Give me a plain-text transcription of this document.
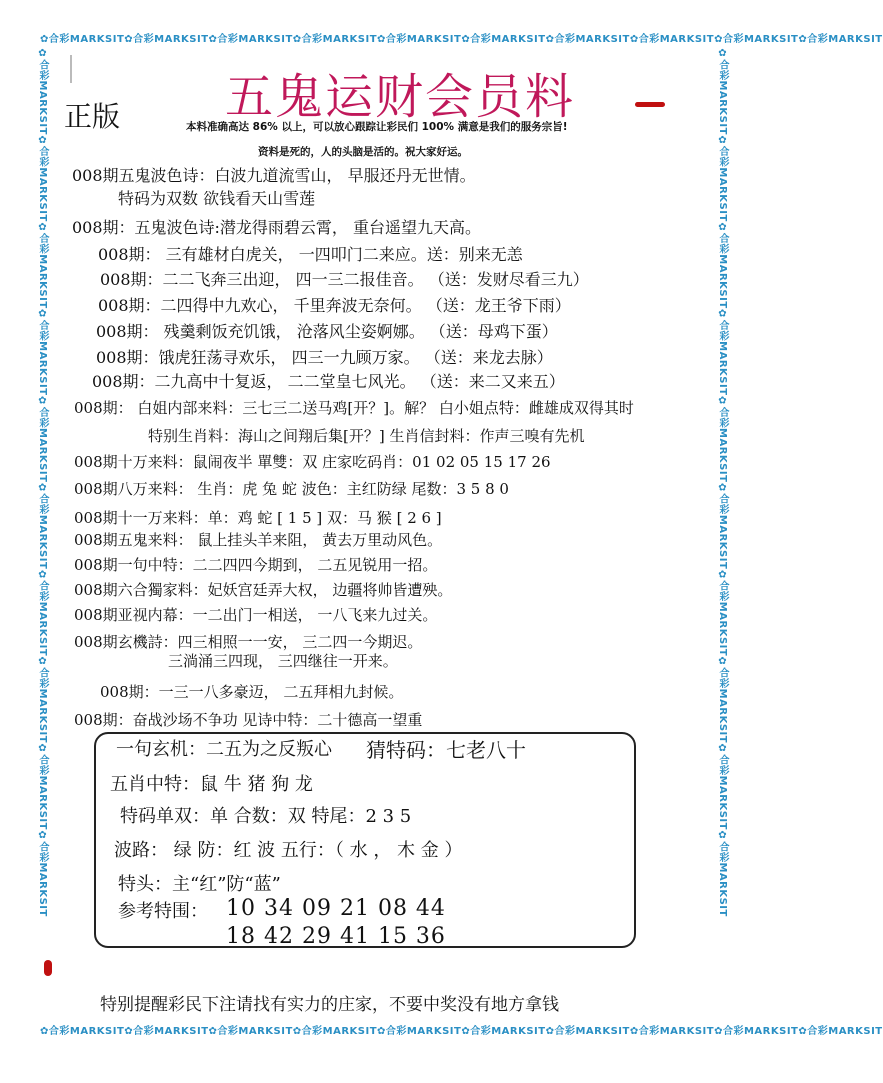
✿合彩MARKSIT✿合彩MARKSIT✿合彩MARKSIT✿合彩MARKSIT✿合彩MARKSIT✿合彩MARKSIT✿合彩MARKSIT✿合彩MARKSIT✿合彩MARKSIT✿合彩MARKSIT
✿合彩MARKSIT✿合彩MARKSIT✿合彩MARKSIT✿合彩MARKSIT✿合彩MARKSIT✿合彩MARKSIT✿合彩MARKSIT✿合彩MARKSIT✿合彩MARKSIT✿合彩MARKSIT
✿合彩MARKSIT✿合彩MARKSIT✿合彩MARKSIT✿合彩MARKSIT✿合彩MARKSIT✿合彩MARKSIT✿合彩MARKSIT✿合彩MARKSIT✿合彩MARKSIT✿合彩MARKSIT	✿合彩MARKSIT✿合彩MARKSIT✿合彩MARKSIT✿合彩MARKSIT✿合彩MARKSIT✿合彩MARKSIT✿合彩MARKSIT✿合彩MARKSIT✿合彩MARKSIT✿合彩MARKSIT
五鬼运财会员料
正版	本料准确高达 86% 以上，可以放心跟踪让彩民们 100% 满意是我们的服务宗旨!
资料是死的，人的头脑是活的。祝大家好运。
008期五鬼波色诗：白波九道流雪山， 早服还丹无世情。
特码为双数 欲钱看天山雪莲
008期：五鬼波色诗:潜龙得雨碧云霄， 重台遥望九天高。
008期： 三有雄材白虎关， 一四叩门二来应。送：别来无恙
008期：二二飞奔三出迎， 四一三二报佳音。 （送：发财尽看三九）
008期：二四得中九欢心， 千里奔波无奈何。 （送：龙王爷下雨）
008期： 残羹剩饭充饥饿， 沧落风尘姿婀娜。 （送：母鸡下蛋）
008期：饿虎狂荡寻欢乐， 四三一九顾万家。 （送：来龙去脉）
008期：二九高中十复返， 二二堂皇七风光。 （送：来二又来五）
008期： 白姐内部来料：三七三二送马鸡[开？]。解？ 白小姐点特：雌雄成双得其时
特别生肖料：海山之间翔后集[开？] 生肖信封料：作声三嗅有先机
008期十万来料：鼠闹夜半 單雙：双 庄家吃码肖：01 02 05 15 17 26
008期八万来料： 生肖：虎 兔 蛇 波色：主红防绿 尾数：3 5 8 0
008期十一万来料：单：鸡 蛇 [ 1 5 ] 双：马 猴 [ 2 6 ]
008期五鬼来料： 鼠上挂头羊来阻， 黄去万里动风色。
008期一句中特：二二四四今期到， 二五见锐用一招。
008期六合獨家料：妃妖宫廷弄大权， 边疆将帅皆遭殃。
008期亚视内幕：一二出门一相送， 一八飞来九过关。
008期玄機詩：四三相照一一安， 三二四一今期迟。
三淌涌三四现， 三四继往一开来。
008期：一三一八多豪迈， 二五拜相九封候。
008期：奋战沙场不争功 见诗中特：二十德高一望重
一句玄机：二五为之反叛心 猜特码：七老八十
五肖中特：鼠 牛 猪 狗 龙
特码单双：单 合数：双 特尾：2 3 5
波路： 绿 防：红 波 五行：（ 水 ， 木 金 ）
特头：主“红”防“蓝”
参考特围： 10 34 09 21 08 44
18 42 29 41 15 36
特别提醒彩民下注请找有实力的庄家，不要中奖没有地方拿钱
